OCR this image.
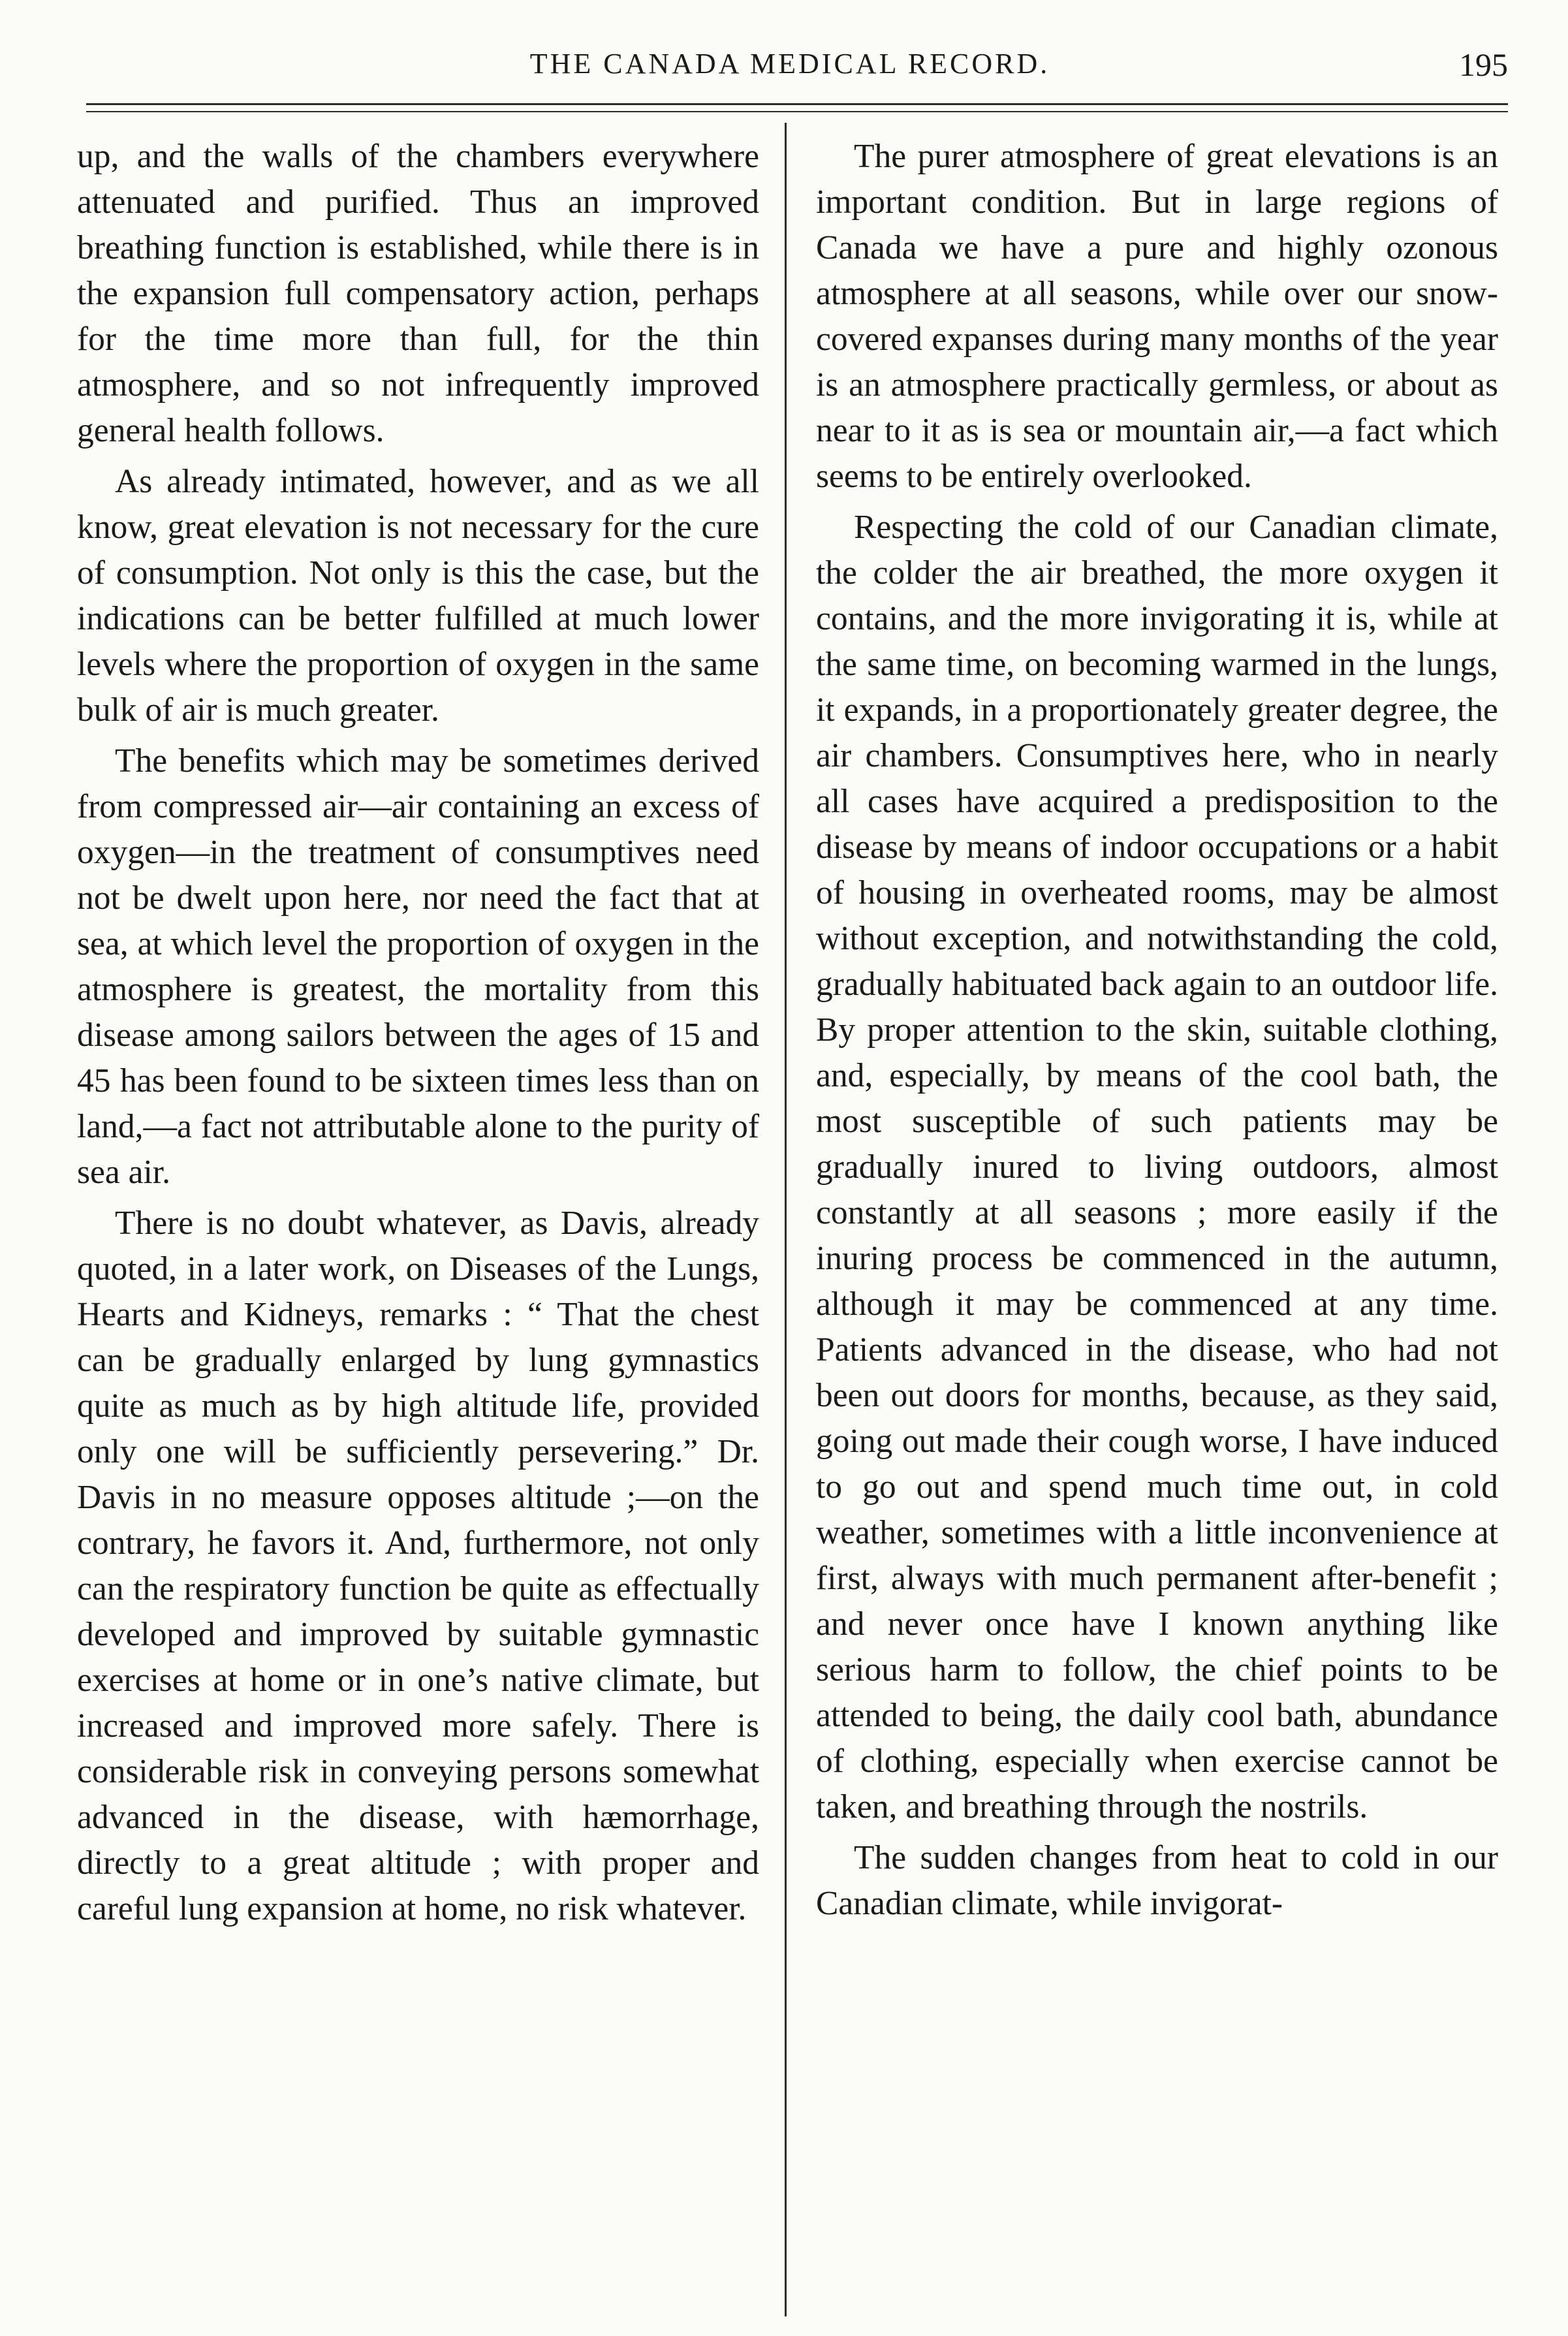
THE CANADA MEDICAL RECORD.	195

up, and the walls of the chambers everywhere attenuated and purified. Thus an improved breathing function is established, while there is in the expansion full compensatory action, perhaps for the time more than full, for the thin atmosphere, and so not infrequently improved general health follows.

As already intimated, however, and as we all know, great elevation is not necessary for the cure of consumption. Not only is this the case, but the indications can be better fulfilled at much lower levels where the proportion of oxygen in the same bulk of air is much greater.

The benefits which may be sometimes derived from compressed air—air containing an excess of oxygen—in the treatment of consumptives need not be dwelt upon here, nor need the fact that at sea, at which level the proportion of oxygen in the atmosphere is greatest, the mortality from this disease among sailors between the ages of 15 and 45 has been found to be sixteen times less than on land,—a fact not attributable alone to the purity of sea air.

There is no doubt whatever, as Davis, already quoted, in a later work, on Diseases of the Lungs, Hearts and Kidneys, remarks : “ That the chest can be gradually enlarged by lung gymnastics quite as much as by high altitude life, provided only one will be sufficiently persevering.” Dr. Davis in no measure opposes altitude ;—on the contrary, he favors it. And, furthermore, not only can the respiratory function be quite as effectually developed and improved by suitable gymnastic exercises at home or in one’s native climate, but increased and improved more safely. There is considerable risk in conveying persons somewhat advanced in the disease, with hæmorrhage, directly to a great altitude ; with proper and careful lung expansion at home, no risk whatever.

The purer atmosphere of great elevations is an important condition. But in large regions of Canada we have a pure and highly ozonous atmosphere at all seasons, while over our snow-covered expanses during many months of the year is an atmosphere practically germless, or about as near to it as is sea or mountain air,—a fact which seems to be entirely overlooked.

Respecting the cold of our Canadian climate, the colder the air breathed, the more oxygen it contains, and the more invigorating it is, while at the same time, on becoming warmed in the lungs, it expands, in a proportionately greater degree, the air chambers. Consumptives here, who in nearly all cases have acquired a predisposition to the disease by means of indoor occupations or a habit of housing in overheated rooms, may be almost without exception, and notwithstanding the cold, gradually habituated back again to an outdoor life. By proper attention to the skin, suitable clothing, and, especially, by means of the cool bath, the most susceptible of such patients may be gradually inured to living outdoors, almost constantly at all seasons ; more easily if the inuring process be commenced in the autumn, although it may be commenced at any time. Patients advanced in the disease, who had not been out doors for months, because, as they said, going out made their cough worse, I have induced to go out and spend much time out, in cold weather, sometimes with a little inconvenience at first, always with much permanent after-benefit ; and never once have I known anything like serious harm to follow, the chief points to be attended to being, the daily cool bath, abundance of clothing, especially when exercise cannot be taken, and breathing through the nostrils.

The sudden changes from heat to cold in our Canadian climate, while invigorat-
